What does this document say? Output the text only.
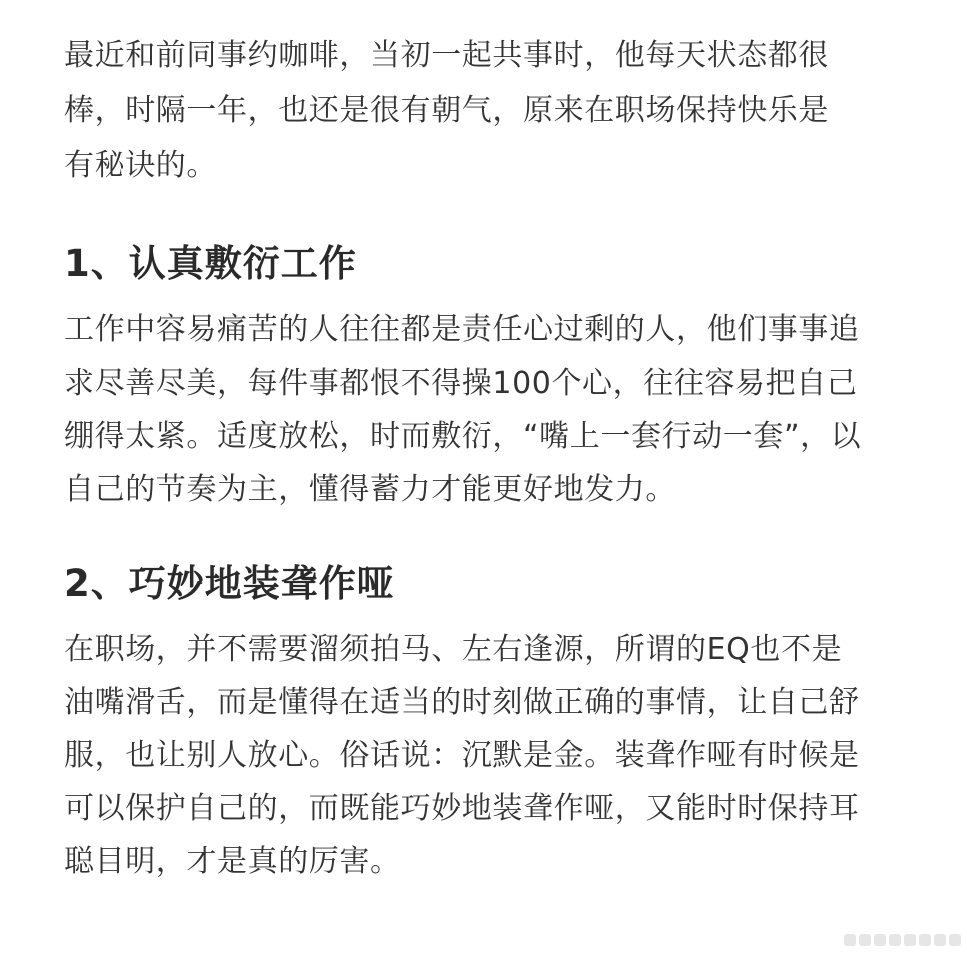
最近和前同事约咖啡，当初一起共事时，他每天状态都很
棒，时隔一年，也还是很有朝气，原来在职场保持快乐是
有秘诀的。
1、认真敷衍工作
工作中容易痛苦的人往往都是责任心过剩的人，他们事事追
求尽善尽美，每件事都恨不得操100个心，往往容易把自己
绷得太紧。适度放松，时而敷衍，“嘴上一套行动一套”，以
自己的节奏为主，懂得蓄力才能更好地发力。
2、巧妙地装聋作哑
在职场，并不需要溜须拍马、左右逢源，所谓的EQ也不是
油嘴滑舌，而是懂得在适当的时刻做正确的事情，让自己舒
服，也让别人放心。俗话说：沉默是金。装聋作哑有时候是
可以保护自己的，而既能巧妙地装聋作哑，又能时时保持耳
聪目明，才是真的厉害。
